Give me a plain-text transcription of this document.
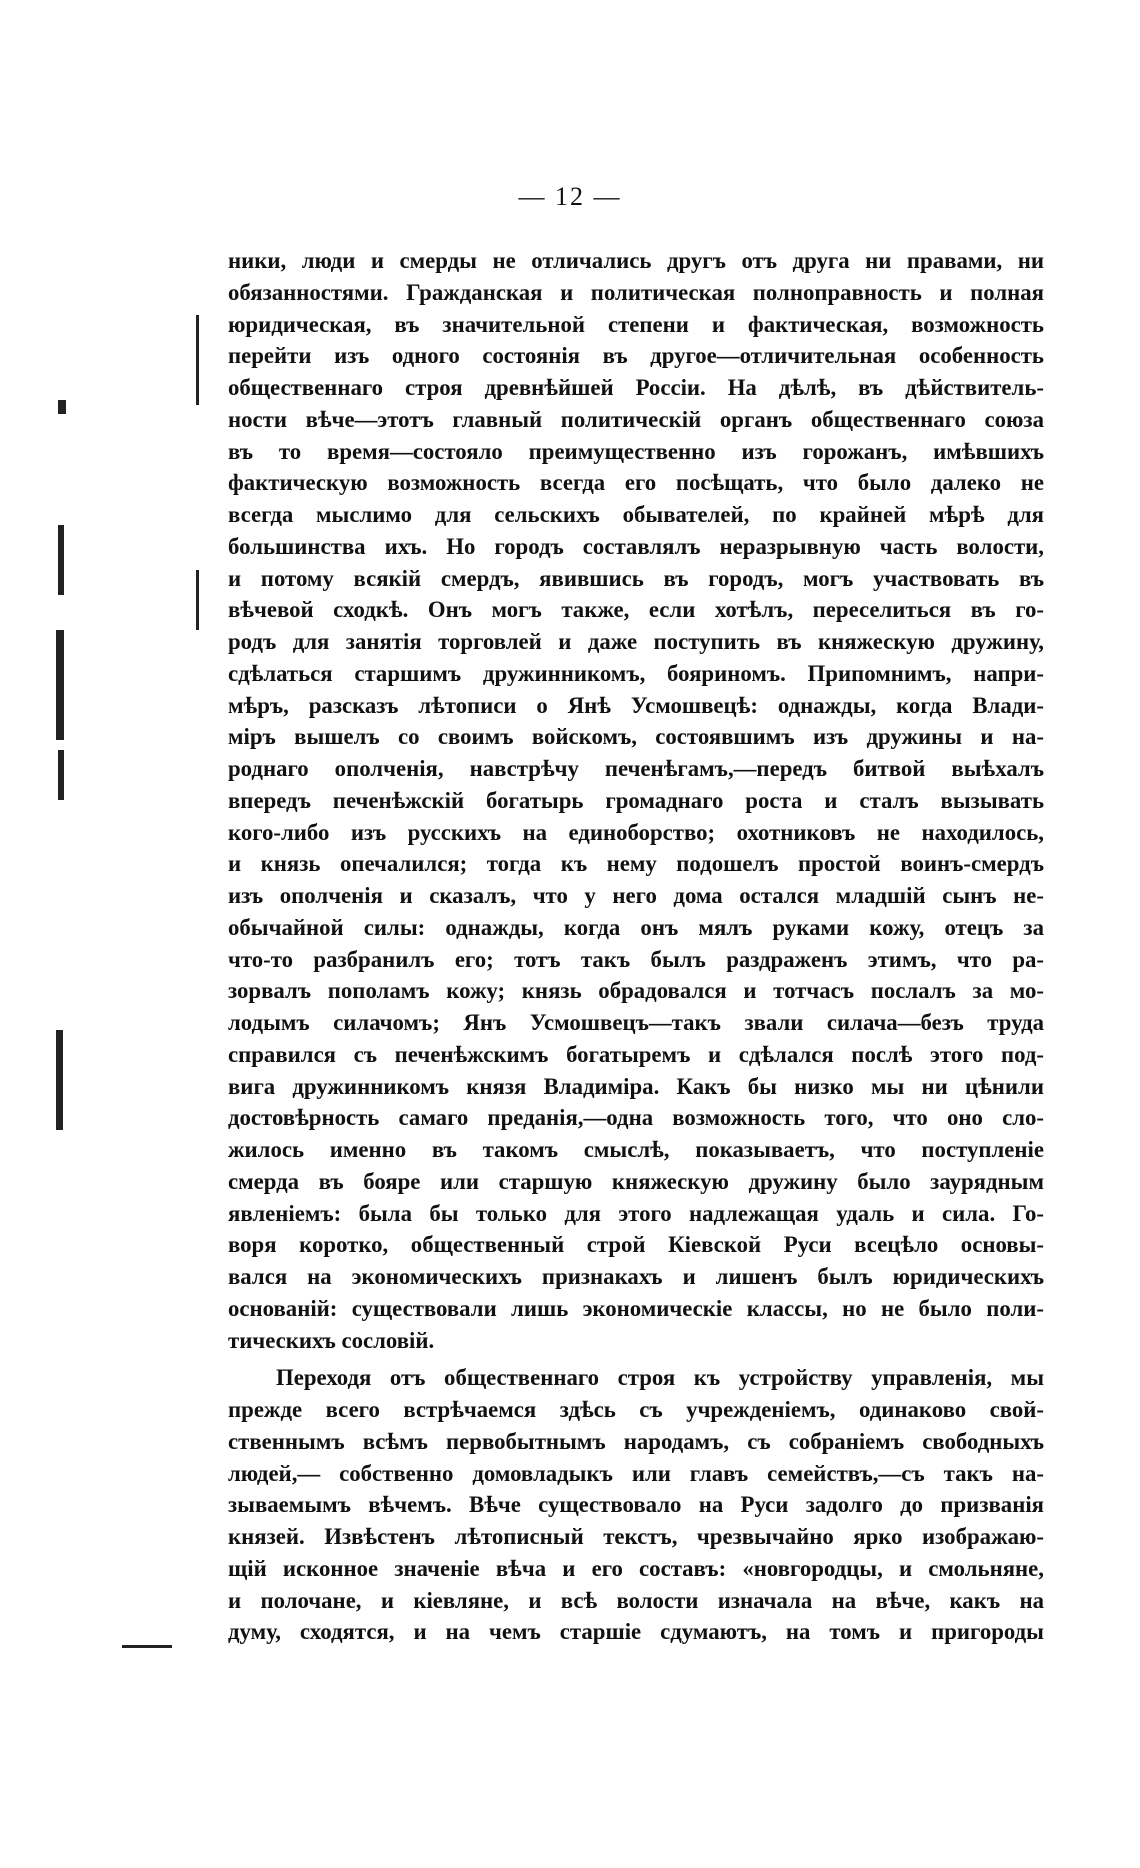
— 12 —
ники, люди и смерды не отличались другъ отъ друга ни правами, ни
обязанностями. Гражданская и политическая полноправность и полная
юридическая, въ значительной степени и фактическая, возможность
перейти изъ одного состоянія въ другое—отличительная особенность
общественнаго строя древнѣйшей Россіи. На дѣлѣ, въ дѣйствитель-
ности вѣче—этотъ главный политическій органъ общественнаго союза
въ то время—состояло преимущественно изъ горожанъ, имѣвшихъ
фактическую возможность всегда его посѣщать, что было далеко не
всегда мыслимо для сельскихъ обывателей, по крайней мѣрѣ для
большинства ихъ. Но городъ составлялъ неразрывную часть волости,
и потому всякій смердъ, явившись въ городъ, могъ участвовать въ
вѣчевой сходкѣ. Онъ могъ также, если хотѣлъ, переселиться въ го-
родъ для занятія торговлей и даже поступить въ княжескую дружину,
сдѣлаться старшимъ дружинникомъ, бояриномъ. Припомнимъ, напри-
мѣръ, разсказъ лѣтописи о Янѣ Усмошвецѣ: однажды, когда Влади-
міръ вышелъ со своимъ войскомъ, состоявшимъ изъ дружины и на-
роднаго ополченія, навстрѣчу печенѣгамъ,—передъ битвой выѣхалъ
впередъ печенѣжскій богатырь громаднаго роста и сталъ вызывать
кого-либо изъ русскихъ на единоборство; охотниковъ не находилось,
и князь опечалился; тогда къ нему подошелъ простой воинъ-смердъ
изъ ополченія и сказалъ, что у него дома остался младшій сынъ не-
обычайной силы: однажды, когда онъ мялъ руками кожу, отецъ за
что-то разбранилъ его; тотъ такъ былъ раздраженъ этимъ, что ра-
зорвалъ пополамъ кожу; князь обрадовался и тотчасъ послалъ за мо-
лодымъ силачомъ; Янъ Усмошвецъ—такъ звали силача—безъ труда
справился съ печенѣжскимъ богатыремъ и сдѣлался послѣ этого под-
вига дружинникомъ князя Владиміра. Какъ бы низко мы ни цѣнили
достовѣрность самаго преданія,—одна возможность того, что оно сло-
жилось именно въ такомъ смыслѣ, показываетъ, что поступленіе
смерда въ бояре или старшую княжескую дружину было заурядным
явленіемъ: была бы только для этого надлежащая удаль и сила. Го-
воря коротко, общественный строй Кіевской Руси всецѣло основы-
вался на экономическихъ признакахъ и лишенъ былъ юридическихъ
основаній: существовали лишь экономическіе классы, но не было поли-
тическихъ сословій.
Переходя отъ общественнаго строя къ устройству управленія, мы
прежде всего встрѣчаемся здѣсь съ учрежденіемъ, одинаково свой-
ственнымъ всѣмъ первобытнымъ народамъ, съ собраніемъ свободныхъ
людей,— собственно домовладыкъ или главъ семействъ,—съ такъ на-
зываемымъ вѣчемъ. Вѣче существовало на Руси задолго до призванія
князей. Извѣстенъ лѣтописный текстъ, чрезвычайно ярко изображаю-
щій исконное значеніе вѣча и его составъ: «новгородцы, и смольняне,
и полочане, и кіевляне, и всѣ волости изначала на вѣче, какъ на
думу, сходятся, и на чемъ старшіе сдумаютъ, на томъ и пригороды
